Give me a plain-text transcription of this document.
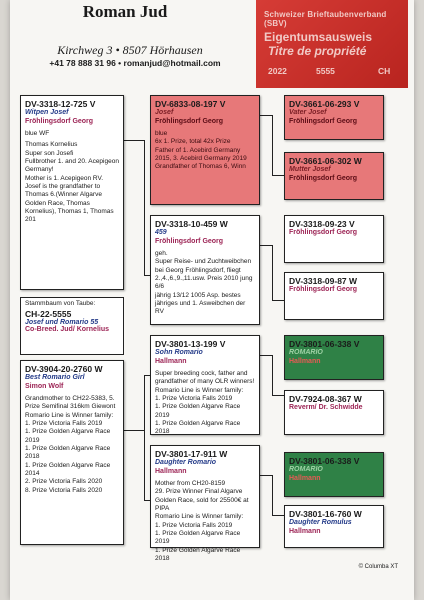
Roman Jud
Kirchweg 3 • 8507 Hörhausen
+41 78 888 31 96 • romanjud@hotmail.com
Schweizer Brieftaubenverband (SBV)
Eigentumsausweis
Titre de propriété
2022	5555	CH
DV-3318-12-725 V
Witpen Josef
Fröhlingsdorf Georg
blue WF
Thomas Kornelius
Super son Josefi
Fullbrother 1. and 20. Acepigeon Germany!
Mother is 1. Acepigeon RV.
Josef is the grandfather to Thomas 6.(Winner Algarve Golden Race, Thomas Kornelius), Thomas 1, Thomas 201
Stammbaum von Taube:
CH-22-5555
Josef und Romario 55
Co-Breed. Jud/ Kornelius
DV-3904-20-2760 W
Best Romario Girl
Simon Wolf
Grandmother to CH22-5383, 5. Prize Semifinal 316km Giewont
Romario Line is Winner family:
1. Prize Victoria Falls 2019
1. Prize Golden Algarve Race 2019
1. Prize Golden Algarve Race 2018
1. Prize Golden Algarve Race 2014
2. Prize Victoria Falls 2020
8. Prize Victoria Falls 2020
DV-6833-08-197 V
Josef
Fröhlingsdorf Georg
blue
6x 1. Prize, total 42x Prize
Father of 1. Acebird Germany 2015, 3. Acebird Germany 2019
Grandfather of Thomas 6, Winn
DV-3318-10-459 W
459
Fröhlingsdorf Georg
geh.
Super Reise- und Zuchtweibchen bei Georg Fröhlingsdorf, fliegt 2.,4.,6.,9.,11.usw. Preis 2010 jung 6/6
jährig 13/12 1005 Asp. bestes jähriges und 1. Asweibchen der RV
DV-3801-13-199 V
Sohn Romario
Hallmann
Super breeding cock, father and grandfather of many OLR winners!
Romario Line is Winner family:
1. Prize Victoria Falls 2019
1. Prize Golden Algarve Race 2019
1. Prize Golden Algarve Race 2018
DV-3801-17-911 W
Daughter Romario
Hallmann
Mother from CH20-8159
29. Prize Winner Final Algarve Golden Race, sold for 25500€ at PIPA
Romario Line is Winner family:
1. Prize Victoria Falls 2019
1. Prize Golden Algarve Race 2019
1. Prize Golden Algarve Race 2018
DV-3661-06-293 V
Vater Josef
Fröhlingsdorf Georg
DV-3661-06-302 W
Mutter Josef
Fröhlingsdorf Georg
DV-3318-09-23 V
Fröhlingsdorf Georg
DV-3318-09-87 W
Fröhlingsdorf Georg
DV-3801-06-338 V
ROMARIO
Hallmann
DV-7924-08-367 W
Reverm/ Dr. Schwidde
DV-3801-06-338 V
ROMARIO
Hallmann
DV-3801-16-760 W
Daughter Romulus
Hallmann
© Columba XT
